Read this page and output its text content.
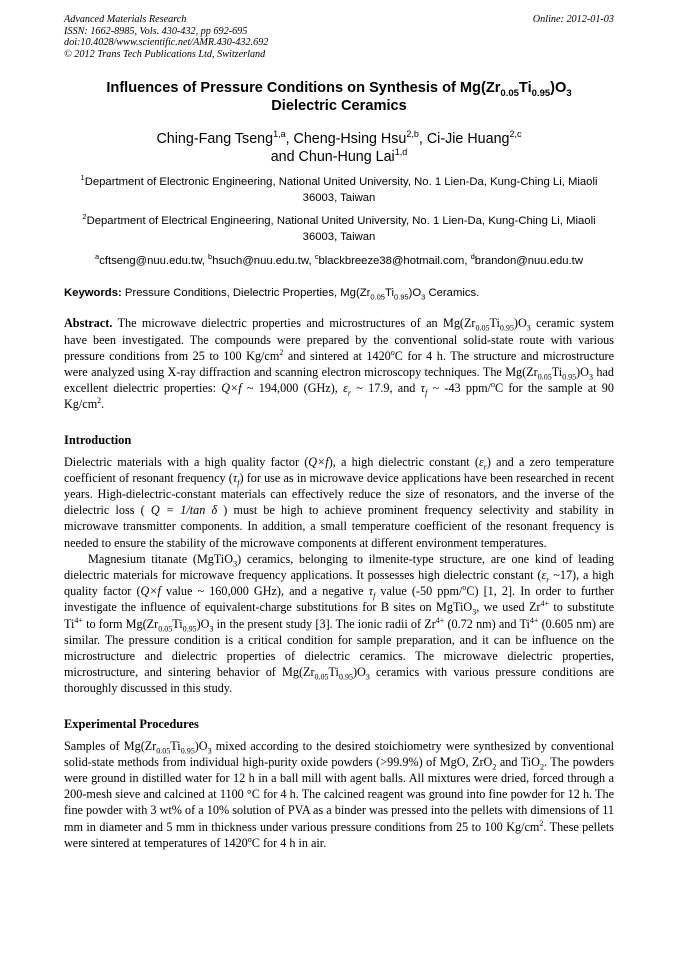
Advanced Materials Research
ISSN: 1662-8985, Vols. 430-432, pp 692-695
doi:10.4028/www.scientific.net/AMR.430-432.692
© 2012 Trans Tech Publications Ltd, Switzerland
Online: 2012-01-03
Influences of Pressure Conditions on Synthesis of $Mg(Zr_{0.05}Ti_{0.95})O_3$
Dielectric Ceramics
Ching-Fang Tseng$^{1,a}$, Cheng-Hsing Hsu$^{2,b}$, Ci-Jie Huang$^{2,c}$
and Chun-Hung Lai$^{1,d}$
$^1$Department of Electronic Engineering, National United University, No. 1 Lien-Da, Kung-Ching Li, Miaoli 36003, Taiwan
$^2$Department of Electrical Engineering, National United University, No. 1 Lien-Da, Kung-Ching Li, Miaoli 36003, Taiwan
$^a$cftseng@nuu.edu.tw, $^b$hsuch@nuu.edu.tw, $^c$blackbreeze38@hotmail.com, $^d$brandon@nuu.edu.tw
Keywords: Pressure Conditions, Dielectric Properties, $Mg(Zr_{0.05}Ti_{0.95})O_3$ Ceramics.
Abstract. The microwave dielectric properties and microstructures of an $Mg(Zr_{0.05}Ti_{0.95})O_3$ ceramic system have been investigated. The compounds were prepared by the conventional solid-state route with various pressure conditions from 25 to 100 $Kg/cm^2$ and sintered at 1420$^o$C for 4 h. The structure and microstructure were analyzed using X-ray diffraction and scanning electron microscopy techniques. The $Mg(Zr_{0.05}Ti_{0.95})O_3$ had excellent dielectric properties: Q×f ~ 194,000 (GHz), $\varepsilon_r$ ~ 17.9, and $\tau_f$ ~ -43 ppm/$^o$C for the sample at 90 $Kg/cm^2$.
Introduction
Dielectric materials with a high quality factor (Q×f), a high dielectric constant $(\varepsilon_r)$ and a zero temperature coefficient of resonant frequency $(\tau_f)$ for use as in microwave device applications have been researched in recent years. High-dielectric-constant materials can effectively reduce the size of resonators, and the inverse of the dielectric loss ( Q = 1/tan δ ) must be high to achieve prominent frequency selectivity and stability in microwave transmitter components. In addition, a small temperature coefficient of the resonant frequency is needed to ensure the stability of the microwave components at different environment temperatures.
Magnesium titanate (MgTiO$_3$) ceramics, belonging to ilmenite-type structure, are one kind of leading dielectric materials for microwave frequency applications. It possesses high dielectric constant ($\varepsilon_r$ ~17), a high quality factor (Q×f value ~ 160,000 GHz), and a negative $\tau_f$ value (-50 ppm/$^o$C) [1, 2]. In order to further investigate the influence of equivalent-charge substitutions for B sites on MgTiO$_3$, we used $Zr^{4+}$ to substitute $Ti^{4+}$ to form $Mg(Zr_{0.05}Ti_{0.95})O_3$ in the present study [3]. The ionic radii of $Zr^{4+}$ (0.72 nm) and $Ti^{4+}$ (0.605 nm) are similar. The pressure condition is a critical condition for sample preparation, and it can be influence on the microstructure and dielectric properties of dielectric ceramics. The microwave dielectric properties, microstructure, and sintering behavior of $Mg(Zr_{0.05}Ti_{0.95})O_3$ ceramics with various pressure conditions are thoroughly discussed in this study.
Experimental Procedures
Samples of $Mg(Zr_{0.05}Ti_{0.95})O_3$ mixed according to the desired stoichiometry were synthesized by conventional solid-state methods from individual high-purity oxide powders (>99.9%) of MgO, ZrO$_2$ and TiO$_2$. The powders were ground in distilled water for 12 h in a ball mill with agent balls. All mixtures were dried, forced through a 200-mesh sieve and calcined at 1100 °C for 4 h. The calcined reagent was ground into fine powder for 12 h. The fine powder with 3 wt% of a 10% solution of PVA as a binder was pressed into the pellets with dimensions of 11 mm in diameter and 5 mm in thickness under various pressure conditions from 25 to 100 $Kg/cm^2$. These pellets were sintered at temperatures of 1420$^o$C for 4 h in air.
